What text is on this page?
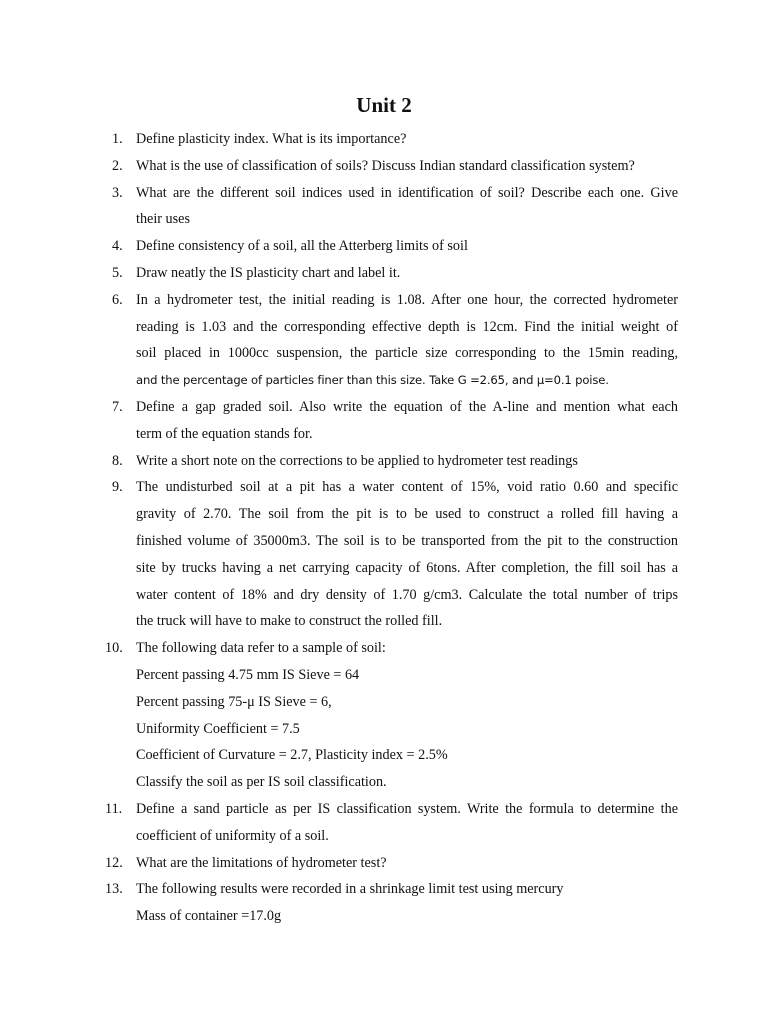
Unit 2
1. Define plasticity index. What is its importance?
2. What is the use of classification of soils? Discuss Indian standard classification system?
3. What are the different soil indices used in identification of soil? Describe each one. Give
their uses
4. Define consistency of a soil, all the Atterberg limits of soil
5. Draw neatly the IS plasticity chart and label it.
6. In a hydrometer test, the initial reading is 1.08. After one hour, the corrected hydrometer
reading is 1.03 and the corresponding effective depth is 12cm. Find the initial weight of
soil placed in 1000cc suspension, the particle size corresponding to the 15min reading,
and the percentage of particles finer than this size. Take G =2.65, and μ=0.1 poise.
7. Define a gap graded soil. Also write the equation of the A-line and mention what each
term of the equation stands for.
8. Write a short note on the corrections to be applied to hydrometer test readings
9. The undisturbed soil at a pit has a water content of 15%, void ratio 0.60 and specific
gravity of 2.70. The soil from the pit is to be used to construct a rolled fill having a
finished volume of 35000m3. The soil is to be transported from the pit to the construction
site by trucks having a net carrying capacity of 6tons. After completion, the fill soil has a
water content of 18% and dry density of 1.70 g/cm3. Calculate the total number of trips
the truck will have to make to construct the rolled fill.
10. The following data refer to a sample of soil:
Percent passing 4.75 mm IS Sieve = 64
Percent passing 75-μ IS Sieve = 6,
Uniformity Coefficient = 7.5
Coefficient of Curvature = 2.7, Plasticity index = 2.5%
Classify the soil as per IS soil classification.
11. Define a sand particle as per IS classification system. Write the formula to determine the
coefficient of uniformity of a soil.
12. What are the limitations of hydrometer test?
13. The following results were recorded in a shrinkage limit test using mercury
Mass of container =17.0g
